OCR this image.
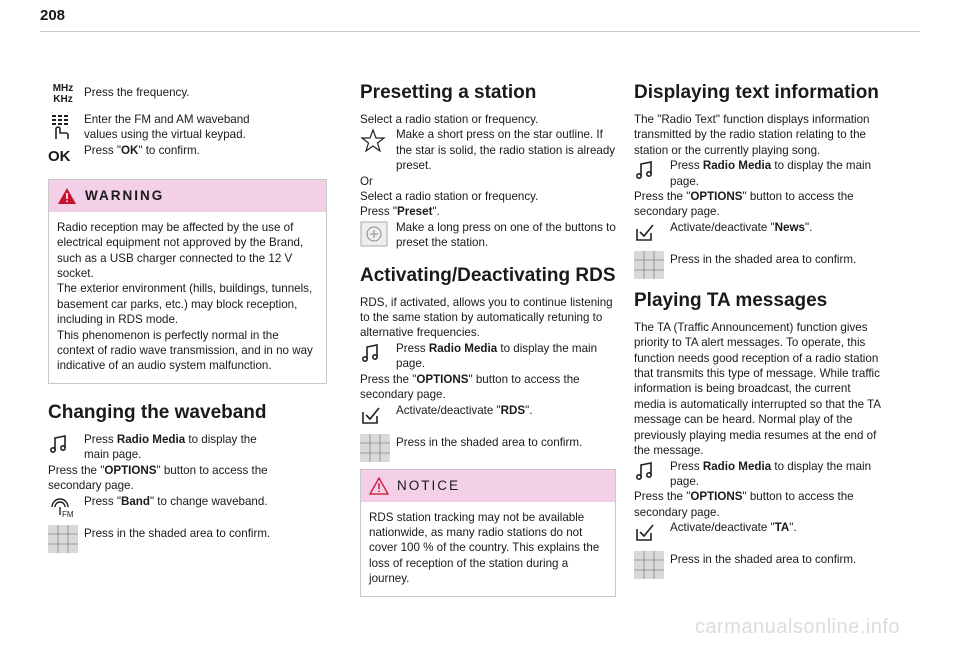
208
MHz
KHz

Press the frequency.

Enter the FM and AM waveband values using the virtual keypad.

OK	Press "OK" to confirm.

WARNING
Radio reception may be affected by the use of electrical equipment not approved by the Brand, such as a USB charger connected to the 12 V socket.
The exterior environment (hills, buildings, tunnels, basement car parks, etc.) may block reception, including in RDS mode.
This phenomenon is perfectly normal in the context of radio wave transmission, and in no way indicative of an audio system malfunction.
Changing the waveband

Press Radio Media to display the main page.

Press the "OPTIONS" button to access the secondary page.

FM

Press "Band" to change waveband.

Press in the shaded area to confirm.

Presetting a station

Select a radio station or frequency.

Make a short press on the star outline. If the star is solid, the radio station is already preset.

Or

Select a radio station or frequency.

Press "Preset".

Make a long press on one of the buttons to preset the station.

Activating/Deactivating RDS

RDS, if activated, allows you to continue listening to the same station by automatically retuning to alternative frequencies.

Press Radio Media to display the main page.

Press the "OPTIONS" button to access the secondary page.

Activate/deactivate "RDS".

Press in the shaded area to confirm.

NOTICE
RDS station tracking may not be available nationwide, as many radio stations do not cover 100 % of the country. This explains the loss of reception of the station during a journey.
Displaying text information

The "Radio Text" function displays information transmitted by the radio station relating to the station or the currently playing song.

Press Radio Media to display the main page.

Press the "OPTIONS" button to access the secondary page.

Activate/deactivate "News".

Press in the shaded area to confirm.

Playing TA messages

The TA (Traffic Announcement) function gives priority to TA alert messages. To operate, this function needs good reception of a radio station that transmits this type of message. While traffic information is being broadcast, the current media is automatically interrupted so that the TA message can be heard. Normal play of the previously playing media resumes at the end of the message.

Press Radio Media to display the main page.

Press the "OPTIONS" button to access the secondary page.

Activate/deactivate "TA".

Press in the shaded area to confirm.

carmanualsonline.info
